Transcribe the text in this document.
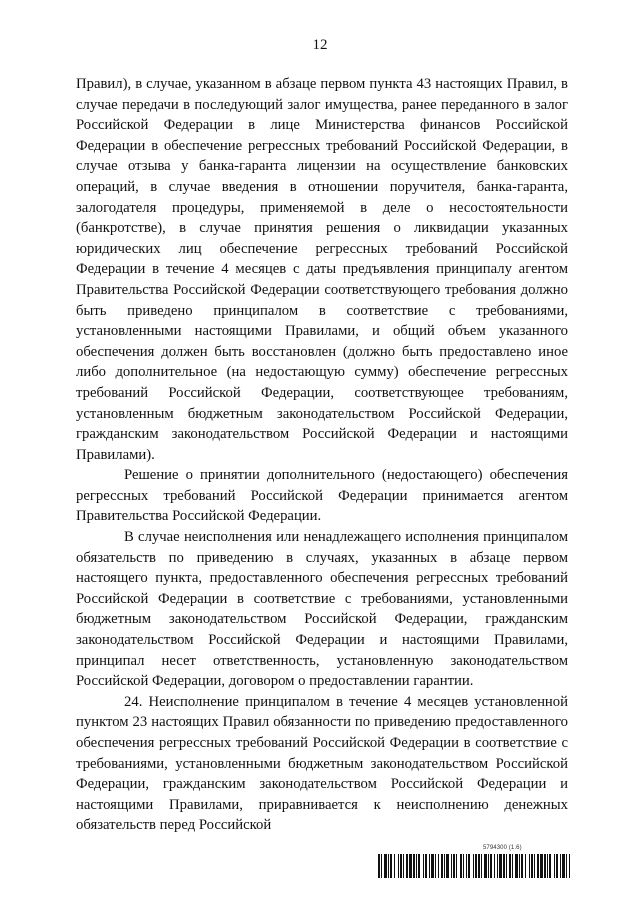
12

Правил), в случае, указанном в абзаце первом пункта 43 настоящих Правил, в случае передачи в последующий залог имущества, ранее переданного в залог Российской Федерации в лице Министерства финансов Российской Федерации в обеспечение регрессных требований Российской Федерации, в случае отзыва у банка-гаранта лицензии на осуществление банковских операций, в случае введения в отношении поручителя, банка-гаранта, залогодателя процедуры, применяемой в деле о несостоятельности (банкротстве), в случае принятия решения о ликвидации указанных юридических лиц обеспечение регрессных требований Российской Федерации в течение 4 месяцев с даты предъявления принципалу агентом Правительства Российской Федерации соответствующего требования должно быть приведено принципалом в соответствие с требованиями, установленными настоящими Правилами, и общий объем указанного обеспечения должен быть восстановлен (должно быть предоставлено иное либо дополнительное (на недостающую сумму) обеспечение регрессных требований Российской Федерации, соответствующее требованиям, установленным бюджетным законодательством Российской Федерации, гражданским законодательством Российской Федерации и настоящими Правилами).

Решение о принятии дополнительного (недостающего) обеспечения регрессных требований Российской Федерации принимается агентом Правительства Российской Федерации.

В случае неисполнения или ненадлежащего исполнения принципалом обязательств по приведению в случаях, указанных в абзаце первом настоящего пункта, предоставленного обеспечения регрессных требований Российской Федерации в соответствие с требованиями, установленными бюджетным законодательством Российской Федерации, гражданским законодательством Российской Федерации и настоящими Правилами, принципал несет ответственность, установленную законодательством Российской Федерации, договором о предоставлении гарантии.

24. Неисполнение принципалом в течение 4 месяцев установленной пунктом 23 настоящих Правил обязанности по приведению предоставленного обеспечения регрессных требований Российской Федерации в соответствие с требованиями, установленными бюджетным законодательством Российской Федерации, гражданским законодательством Российской Федерации и настоящими Правилами, приравнивается к неисполнению денежных обязательств перед Российской

5794300 (1.6)
